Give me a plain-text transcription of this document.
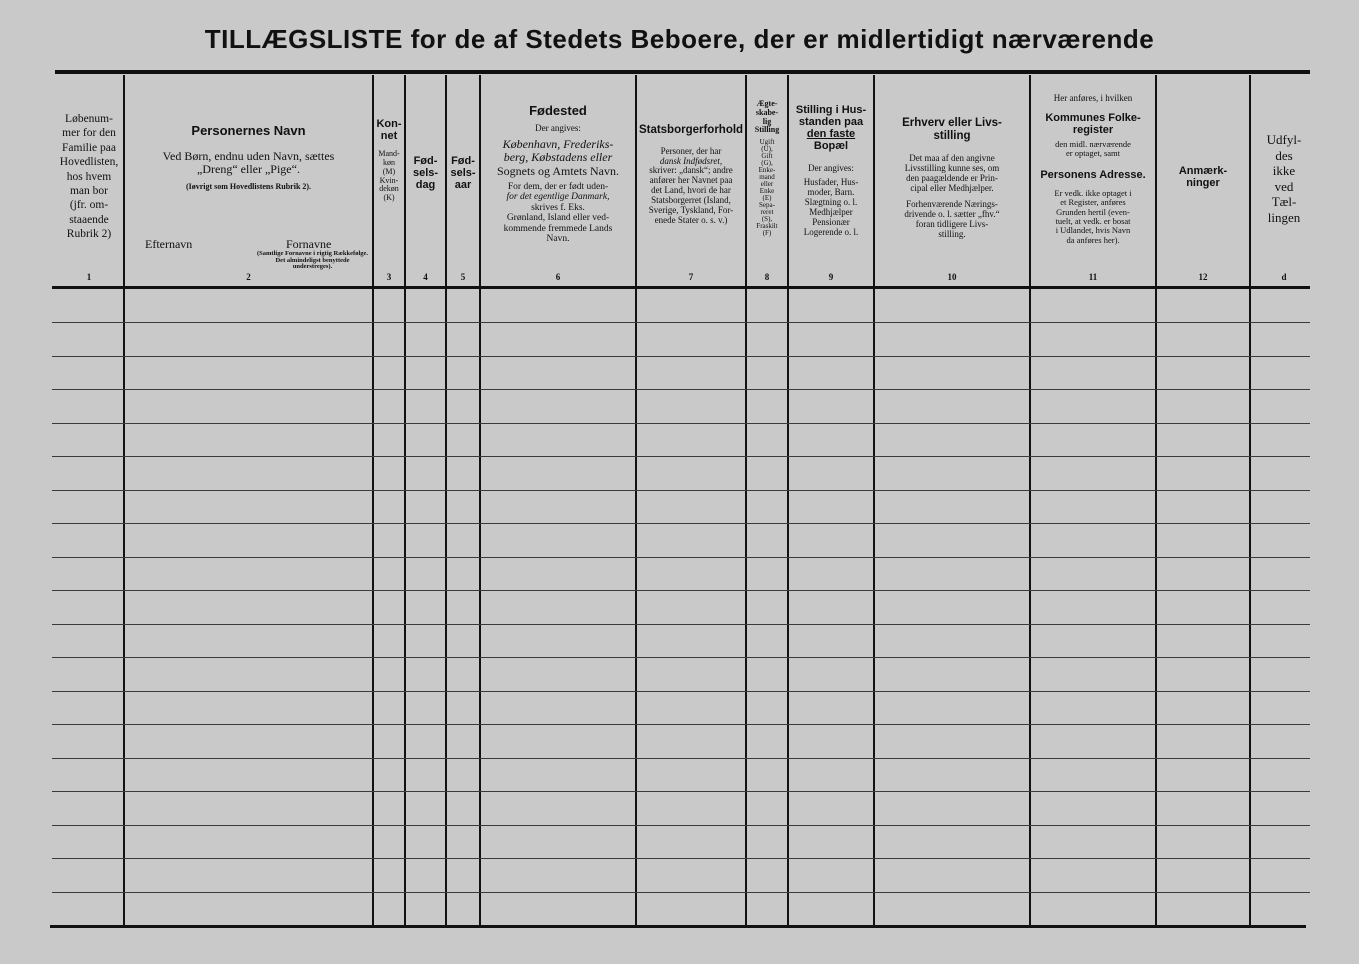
TILLÆGSLISTE for de af Stedets Beboere, der er midlertidigt nærværende
Løbenum-
mer for den
Familie paa
Hovedlisten,
hos hvem
man bor
(jfr. om-
staaende
Rubrik 2)
Personernes Navn
Ved Børn, endnu uden Navn, sættes
„Dreng“ eller „Pige“.
(Iøvrigt som Hovedlistens Rubrik 2).
Efternavn	Fornavne
(Samtlige Fornavne i rigtig Rækkefølge. Det almindeligst benyttede understreges).
Kon-
net
Mand-
køn
(M)
Kvin-
dekøn
(K)
Fød-
sels-
dag
Fød-
sels-
aar
Fødested
Der angives:
København, Frederiks-
berg, Købstadens eller
Sognets og Amtets Navn.
For dem, der er født uden-
for det egentlige Danmark,
skrives f. Eks.
Grønland, Island eller ved-
kommende fremmede Lands
Navn.
Statsborgerforhold
Personer, der har
dansk Indfødsret,
skriver: „dansk“; andre
anfører her Navnet paa
det Land, hvori de har
Statsborgerret (Island,
Sverige, Tyskland, For-
enede Stater o. s. v.)
Ægte-
skabe-
lig
Stilling
Ugift
(U),
Gift
(G),
Enke-
mand
eller
Enke
(E)
Sepa-
reret
(S),
Fraskilt
(F)
Stilling i Hus-
standen paa
den faste
Bopæl
Der angives:
Husfader, Hus-
moder, Barn.
Slægtning o. l.
Medhjælper
Pensionær
Logerende o. l.
Erhverv eller Livs-
stilling
Det maa af den angivne
Livsstilling kunne ses, om
den paagældende er Prin-
cipal eller Medhjælper.
Forhenværende Nærings-
drivende o. l. sætter „fhv.“
foran tidligere Livs-
stilling.
Her anføres, i hvilken
Kommunes Folke-
register
den midl. nærværende
er optaget, samt
Personens Adresse.
Er vedk. ikke optaget i
et Register, anføres
Grunden hertil (even-
tuelt, at vedk. er bosat
i Udlandet, hvis Navn
da anføres her).
Anmærk-
ninger
Udfyl-
des
ikke
ved
Tæl-
lingen
1	2	3	4	5	6	7	8	9	10	11	12	d
